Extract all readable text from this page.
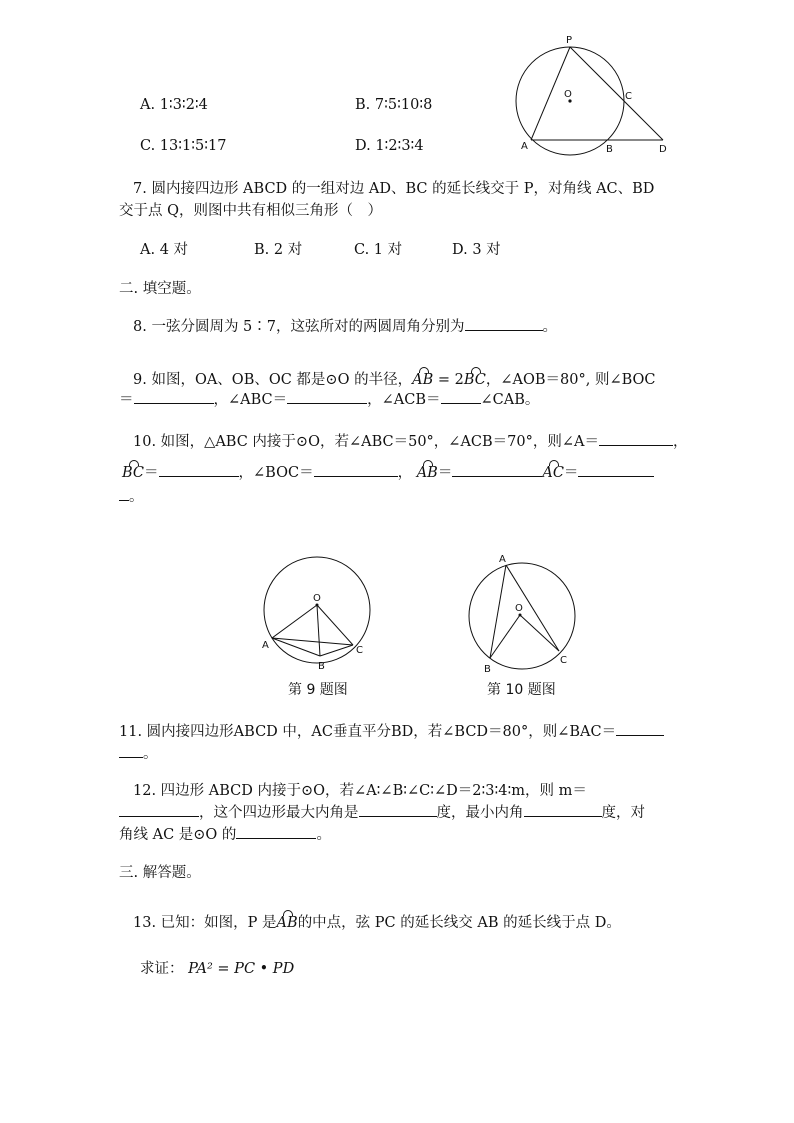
P
O	C
A	B	D
A. 1∶3∶2∶4	B. 7∶5∶10∶8
C. 13∶1∶5∶17	D. 1∶2∶3∶4
7. 圆内接四边形 ABCD 的一组对边 AD、BC 的延长线交于 P，对角线 AC、BD
交于点 Q，则图中共有相似三角形（　）
A. 4 对	B. 2 对	C. 1 对	D. 3 对
二. 填空题。
8. 一弦分圆周为 5∶7，这弦所对的两圆周角分别为	。
9. 如图，OA、OB、OC 都是⊙O 的半径，AB = 2BC，∠AOB＝80°, 则∠BOC
＝	，∠ABC＝	，∠ACB＝	∠CAB。
10. 如图，△ABC 内接于⊙O，若∠ABC＝50°，∠ACB＝70°，则∠A＝	，
BC＝	，∠BOC＝	， AB＝	AC＝
。
O
A
B
C
A
O
B
C
第 9 题图	第 10 题图
11. 圆内接四边形ABCD 中，AC垂直平分BD，若∠BCD＝80°，则∠BAC＝
。
12. 四边形 ABCD 内接于⊙O，若∠A∶∠B∶∠C∶∠D＝2∶3∶4∶m，则 m＝
，这个四边形最大内角是	度，最小内角	度，对
角线 AC 是⊙O 的	。
三. 解答题。
13. 已知：如图，P 是AB的中点，弦 PC 的延长线交 AB 的延长线于点 D。
求证： PA² = PC • PD
